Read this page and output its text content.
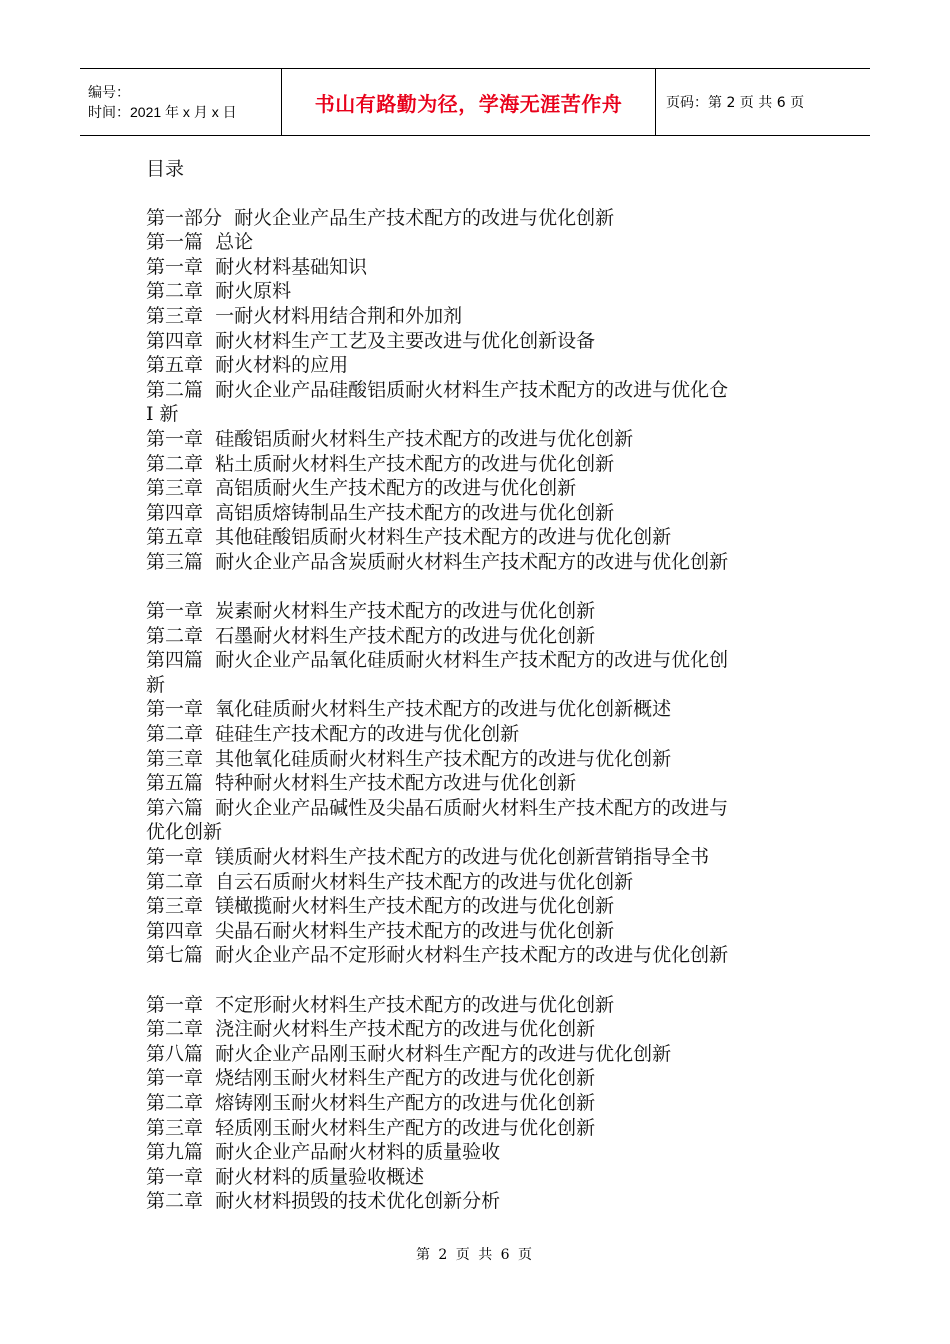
编号：
时间：2021 年 x 月 x 日	书山有路勤为径，学海无涯苦作舟	页码：第 2 页 共 6 页
目录
第一部分  耐火企业产品生产技术配方的改进与优化创新
第一篇  总论
第一章  耐火材料基础知识
第二章  耐火原料
第三章  一耐火材料用结合荆和外加剂
第四章  耐火材料生产工艺及主要改进与优化创新设备
第五章  耐火材料的应用
第二篇  耐火企业产品硅酸铝质耐火材料生产技术配方的改进与优化仓
I 新
第一章  硅酸铝质耐火材料生产技术配方的改进与优化创新
第二章  粘土质耐火材料生产技术配方的改进与优化创新
第三章  高铝质耐火生产技术配方的改进与优化创新
第四章  高铝质熔铸制品生产技术配方的改进与优化创新
第五章  其他硅酸铝质耐火材料生产技术配方的改进与优化创新
第三篇  耐火企业产品含炭质耐火材料生产技术配方的改进与优化创新
第一章  炭素耐火材料生产技术配方的改进与优化创新
第二章  石墨耐火材料生产技术配方的改进与优化创新
第四篇  耐火企业产品氧化硅质耐火材料生产技术配方的改进与优化创
新
第一章  氧化硅质耐火材料生产技术配方的改进与优化创新概述
第二章  硅硅生产技术配方的改进与优化创新
第三章  其他氧化硅质耐火材料生产技术配方的改进与优化创新
第五篇  特种耐火材料生产技术配方改进与优化创新
第六篇  耐火企业产品碱性及尖晶石质耐火材料生产技术配方的改进与
优化创新
第一章  镁质耐火材料生产技术配方的改进与优化创新营销指导全书
第二章  自云石质耐火材料生产技术配方的改进与优化创新
第三章  镁橄揽耐火材料生产技术配方的改进与优化创新
第四章  尖晶石耐火材料生产技术配方的改进与优化创新
第七篇  耐火企业产品不定形耐火材料生产技术配方的改进与优化创新
第一章  不定形耐火材料生产技术配方的改进与优化创新
第二章  浇注耐火材料生产技术配方的改进与优化创新
第八篇  耐火企业产品刚玉耐火材料生产配方的改进与优化创新
第一章  烧结刚玉耐火材料生产配方的改进与优化创新
第二章  熔铸刚玉耐火材料生产配方的改进与优化创新
第三章  轻质刚玉耐火材料生产配方的改进与优化创新
第九篇  耐火企业产品耐火材料的质量验收
第一章  耐火材料的质量验收概述
第二章  耐火材料损毁的技术优化创新分析
第 2 页 共 6 页
